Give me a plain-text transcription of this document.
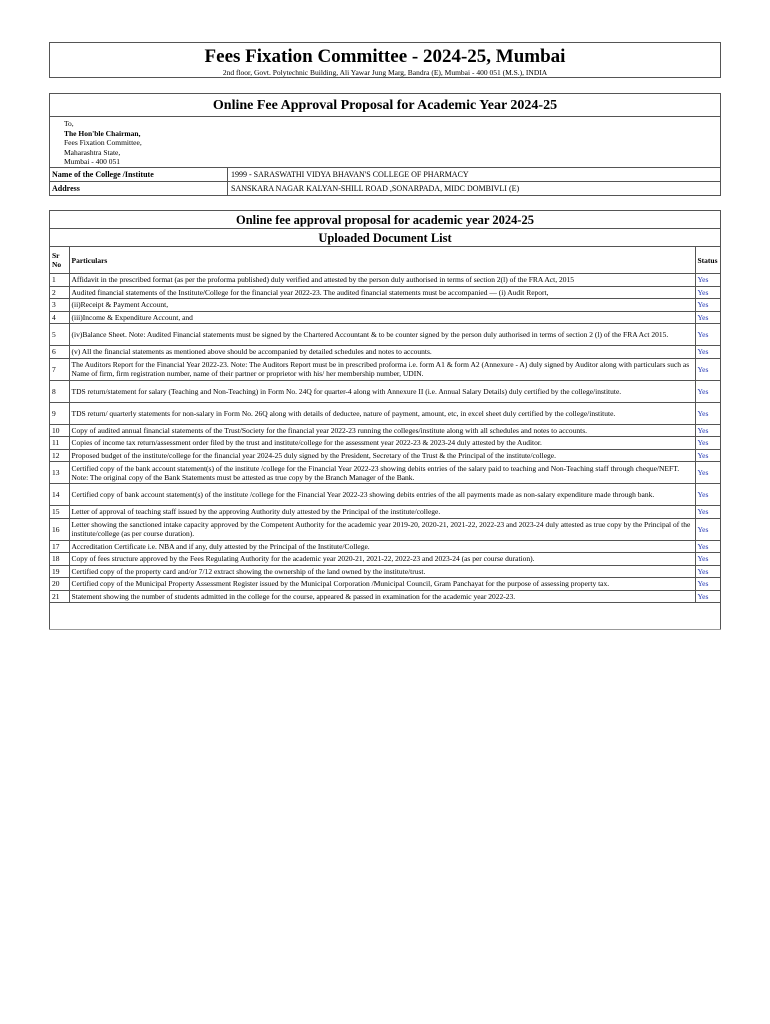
Fees Fixation Committee - 2024-25, Mumbai
2nd floor, Govt. Polytechnic Building, Ali Yawar Jung Marg, Bandra (E), Mumbai - 400 051 (M.S.), INDIA
Online Fee Approval Proposal for Academic Year 2024-25
To,
The Hon'ble Chairman,
Fees Fixation Committee,
Maharashtra State,
Mumbai - 400 051
Name of the College /Institute	1999 - SARASWATHI VIDYA BHAVAN'S COLLEGE OF PHARMACY
Address	SANSKARA NAGAR KALYAN-SHILL ROAD ,SONARPADA, MIDC DOMBIVLI (E)
Online fee approval proposal for academic year 2024-25
Uploaded Document List
Sr No	Particulars	Status
1	Affidavit in the prescribed format (as per the proforma published) duly verified and attested by the person duly authorised in terms of section 2(l) of the FRA Act, 2015	Yes
2	Audited financial statements of the Institute/College for the financial year 2022-23. The audited financial statements must be accompanied — (i) Audit Report,	Yes
3	(ii)Receipt & Payment Account,	Yes
4	(iii)Income & Expenditure Account, and	Yes
5	(iv)Balance Sheet. Note: Audited Financial statements must be signed by the Chartered Accountant & to be counter signed by the person duly authorised in terms of section 2 (l) of the FRA Act 2015.	Yes
6	(v) All the financial statements as mentioned above should be accompanied by detailed schedules and notes to accounts.	Yes
7	The Auditors Report for the Financial Year 2022-23. Note: The Auditors Report must be in prescribed proforma i.e. form A1 & form A2 (Annexure - A) duly signed by Auditor along with particulars such as Name of firm, firm registration number, name of their partner or proprietor with his/ her membership number, UDIN.	Yes
8	TDS return/statement for salary (Teaching and Non-Teaching) in Form No. 24Q for quarter-4 along with Annexure II (i.e. Annual Salary Details) duly certified by the college/institute.	Yes
9	TDS return/ quarterly statements for non-salary in Form No. 26Q along with details of deductee, nature of payment, amount, etc, in excel sheet duly certified by the college/institute.	Yes
10	Copy of audited annual financial statements of the Trust/Society for the financial year 2022-23 running the colleges/institute along with all schedules and notes to accounts.	Yes
11	Copies of income tax return/assessment order filed by the trust and institute/college for the assessment year 2022-23 & 2023-24 duly attested by the Auditor.	Yes
12	Proposed budget of the institute/college for the financial year 2024-25 duly signed by the President, Secretary of the Trust & the Principal of the institute/college.	Yes
13	Certified copy of the bank account statement(s) of the institute /college for the Financial Year 2022-23 showing debits entries of the salary paid to teaching and Non-Teaching staff through cheque/NEFT. Note: The original copy of the Bank Statements must be attested as true copy by the Branch Manager of the Bank.	Yes
14	Certified copy of bank account statement(s) of the institute /college for the Financial Year 2022-23 showing debits entries of the all payments made as non-salary expenditure made through bank.	Yes
15	Letter of approval of teaching staff issued by the approving Authority duly attested by the Principal of the institute/college.	Yes
16	Letter showing the sanctioned intake capacity approved by the Competent Authority for the academic year 2019-20, 2020-21, 2021-22, 2022-23 and 2023-24 duly attested as true copy by the Principal of the institute/college (as per course duration).	Yes
17	Accreditation Certificate i.e. NBA and if any, duly attested by the Principal of the Institute/College.	Yes
18	Copy of fees structure approved by the Fees Regulating Authority for the academic year 2020-21, 2021-22, 2022-23 and 2023-24 (as per course duration).	Yes
19	Certified copy of the property card and/or 7/12 extract showing the ownership of the land owned by the institute/trust.	Yes
20	Certified copy of the Municipal Property Assessment Register issued by the Municipal Corporation /Municipal Council, Gram Panchayat for the purpose of assessing property tax.	Yes
21	Statement showing the number of students admitted in the college for the course, appeared & passed in examination for the academic year 2022-23.	Yes
